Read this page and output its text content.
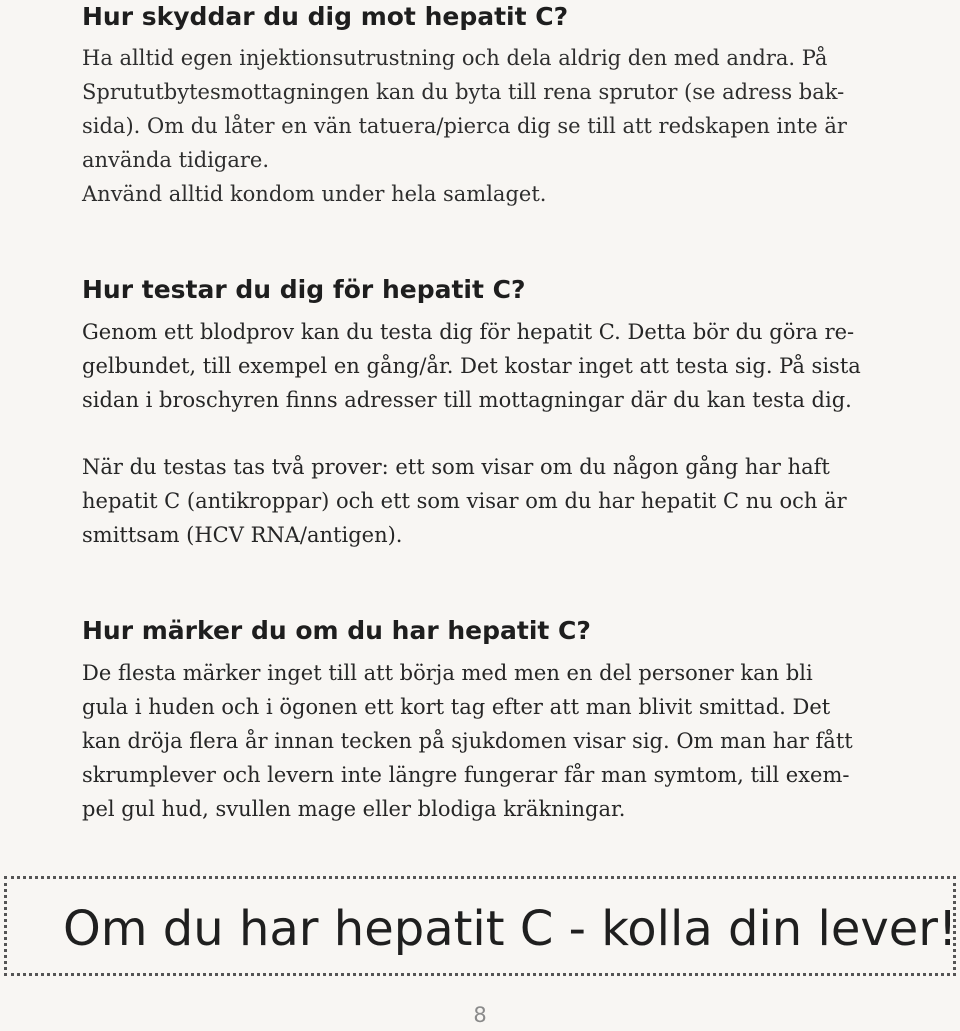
Hur skyddar du dig mot hepatit C?
Ha alltid egen injektionsutrustning och dela aldrig den med andra. På
Sprututbytesmottagningen kan du byta till rena sprutor (se adress bak-
sida). Om du låter en vän tatuera/pierca dig se till att redskapen inte är
använda tidigare.
Använd alltid kondom under hela samlaget.
Hur testar du dig för hepatit C?
Genom ett blodprov kan du testa dig för hepatit C. Detta bör du göra re-
gelbundet, till exempel en gång/år. Det kostar inget att testa sig. På sista
sidan i broschyren finns adresser till mottagningar där du kan testa dig.
När du testas tas två prover: ett som visar om du någon gång har haft
hepatit C (antikroppar) och ett som visar om du har hepatit C nu och är
smittsam (HCV RNA/antigen).
Hur märker du om du har hepatit C?
De flesta märker inget till att börja med men en del personer kan bli
gula i huden och i ögonen ett kort tag efter att man blivit smittad. Det
kan dröja flera år innan tecken på sjukdomen visar sig. Om man har fått
skrumplever och levern inte längre fungerar får man symtom, till exem-
pel gul hud, svullen mage eller blodiga kräkningar.
Om du har hepatit C - kolla din lever!
8
